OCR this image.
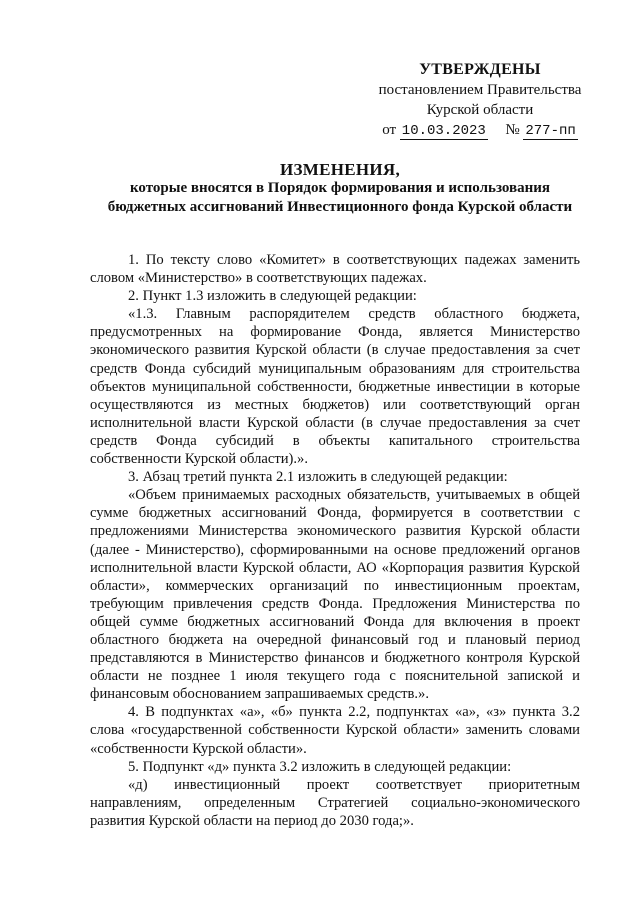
УТВЕРЖДЕНЫ
постановлением Правительства
Курской области
от 10.03.2023 № 277-пп
ИЗМЕНЕНИЯ,
которые вносятся в Порядок формирования и использования
бюджетных ассигнований Инвестиционного фонда Курской области

1. По тексту слово «Комитет» в соответствующих падежах заменить словом «Министерство» в соответствующих падежах.

2. Пункт 1.3 изложить в следующей редакции:

«1.3. Главным распорядителем средств областного бюджета, предусмотренных на формирование Фонда, является Министерство экономического развития Курской области (в случае предоставления за счет средств Фонда субсидий муниципальным образованиям для строительства объектов муниципальной собственности, бюджетные инвестиции в которые осуществляются из местных бюджетов) или соответствующий орган исполнительной власти Курской области (в случае предоставления за счет средств Фонда субсидий в объекты капитального строительства собственности Курской области).».

3. Абзац третий пункта 2.1 изложить в следующей редакции:

«Объем принимаемых расходных обязательств, учитываемых в общей сумме бюджетных ассигнований Фонда, формируется в соответствии с предложениями Министерства экономического развития Курской области (далее - Министерство), сформированными на основе предложений органов исполнительной власти Курской области, АО «Корпорация развития Курской области», коммерческих организаций по инвестиционным проектам, требующим привлечения средств Фонда. Предложения Министерства по общей сумме бюджетных ассигнований Фонда для включения в проект областного бюджета на очередной финансовый год и плановый период представляются в Министерство финансов и бюджетного контроля Курской области не позднее 1 июля текущего года с пояснительной запиской и финансовым обоснованием запрашиваемых средств.».

4. В подпунктах «а», «б» пункта 2.2, подпунктах «а», «з» пункта 3.2 слова «государственной собственности Курской области» заменить словами «собственности Курской области».

5. Подпункт «д» пункта 3.2 изложить в следующей редакции:

«д) инвестиционный проект соответствует приоритетным направлениям, определенным Стратегией социально-экономического развития Курской области на период до 2030 года;».
